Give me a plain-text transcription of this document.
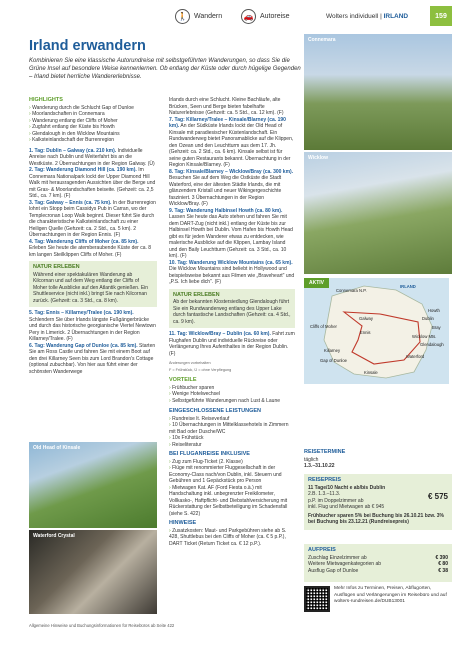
🚶 Wandern	🚗 Autoreise	Wolters individuell | IRLAND	159
Irland erwandern
Kombinieren Sie eine klassische Autorundreise mit selbstgeführten Wanderungen, so dass Sie die Grüne Insel auf besondere Weise kennenlernen. Ob entlang der Küste oder durch hügelige Gegenden – Irland bietet herrliche Wandererlebnisse.
HIGHLIGHTS
› Wanderung durch die Schlucht Gap of Dunloe
› Moorlandschaften in Connemara
› Wanderung entlang der Cliffs of Moher
› Zugfahrt entlang der Küste bis Howth
› Glendalough in den Wicklow Mountains
› Kalksteinlandschaft der Burrenregion

1. Tag: Dublin – Galway (ca. 210 km). Individuelle Anreise nach Dublin und Weiterfahrt bis an die Westküste. 2 Übernachtungen in der Region Galway. (Ü)

2. Tag: Wanderung Diamond Hill (ca. 190 km). Im Connemara Nationalpark lockt der Upper Diamond Hill Walk mit herausragenden Aussichten über die Berge und mit Gras- & Moorlandschaften beiseite. (Gehzeit: ca. 2,5 Std., ca. 7 km). (F)

3. Tag: Galway – Ennis (ca. 75 km). In der Burrenregion lohnt ein Stopp beim Cassidys Pub in Carran, wo der Templecronan Loop Walk beginnt. Dieser führt Sie durch die charakteristische Kalksteinlandschaft zu einer Heiligen Quelle (Gehzeit: ca. 2 Std., ca. 5 km). 2 Übernachtungen in der Region Ennis. (F)

4. Tag: Wanderung Cliffs of Moher (ca. 85 km). Erleben Sie heute die atemberaubende Küste der ca. 8 km langen Steilklippen Cliffs of Moher. (F)

NATUR ERLEBEN
Während einer spektakulären Wanderung ab Kilcornan und auf dem Weg entlang der Cliffs of Moher tolle Ausblicke auf den Atlantik genießen. Ein Shuttleservice (nicht inkl.) bringt Sie nach Kilcornan zurück. (Gehzeit: ca. 3 Std., ca. 8 km).

5. Tag: Ennis – Killarney/Tralee (ca. 190 km). Schlendern Sie über Irlands längste Fußgängerbrücke und durch das historische georgianische Viertel Newtown Pery in Limerick. 2 Übernachtungen in der Region Killarney/Tralee. (F)

6. Tag: Wanderung Gap of Dunloe (ca. 85 km). Starten Sie am Ross Castle und fahren Sie mit einem Boot auf den drei Killarney Seen bis zum Lord Brandon's Cottage (optional zubuchbar). Von hier aus führt einer der schönsten Wanderwege

Irlands durch eine Schlucht. Kleine Bachläufe, alte Brücken, Seen und Berge bieten fabelhafte Naturerlebnisse (Gehzeit: ca. 5 Std., ca. 12 km). (F)

7. Tag: Killarney/Tralee – Kinsale/Blarney (ca. 190 km). An der Südküste Irlands lockt der Old Head of Kinsale mit paradiesischer Küstenlandschaft. Ein Rundwanderweg bietet Panoramablicke auf die Klippen, den Ozean und den Leuchtturm aus dem 17. Jh. (Gehzeit: ca. 2 Std., ca. 6 km). Kinsale selbst ist für seine guten Restaurants bekannt. Übernachtung in der Region Kinsale/Blarney. (F)

8. Tag: Kinsale/Blarney – Wicklow/Bray (ca. 300 km). Besuchen Sie auf dem Weg die Ostküste die Stadt Waterford, eine der ältesten Städte Irlands, die mit glänzendem Kristall und neuer Wikingergeschichte fasziniert. 3 Übernachtungen in der Region Wicklow/Bray. (F)

9. Tag: Wanderung Halbinsel Howth (ca. 80 km). Lassen Sie heute das Auto stehen und fahren Sie mit dem DART-Zug (nicht inkl.) entlang der Küste bis zur Halbinsel Howth bei Dublin. Vom Hafen bis Howth Head gibt es für jeden Wanderer etwas zu entdecken, wie malerische Ausblicke auf die Klippen, Lambay Island und den Baily Leuchtturm (Gehzeit: ca. 3 Std., ca. 10 km). (F)

10. Tag: Wanderung Wicklow Mountains (ca. 65 km). Die Wicklow Mountains sind beliebt in Hollywood und beispielsweise bekannt aus Filmen wie „Braveheart" und „P.S. Ich liebe dich". (F)

NATUR ERLEBEN
Ab der bekannten Klostersiedlung Glendalough führt Sie ein Rundwanderweg entlang des Upper Lake durch fantastische Landschaften (Gehzeit: ca. 4 Std., ca. 9 km).

11. Tag: Wicklow/Bray – Dublin (ca. 60 km). Fahrt zum Flughafen Dublin und individuelle Rückreise oder Verlängerung Ihres Aufenthaltes in der Region Dublin. (F)

Änderungen vorbehalten
F = Frühstück, Ü = ohne Verpflegung
VORTEILE
› Frühbucher sparen
› Wenige Hotelwechsel
› Selbstgeführte Wanderungen nach Lust & Laune
EINGESCHLOSSENE LEISTUNGEN
› Rundreise lt. Reiseverlauf
› 10 Übernachtungen in Mittelklassehotels in Zimmern mit Bad oder Dusche/WC
› 10x Frühstück
› Reiseliteratur
BEI FLUGANREISE INKLUSIVE
› Zug zum Flug-Ticket (2. Klasse)
› Flüge mit renommierter Fluggesellschaft in der Economy-Class nach/von Dublin, inkl. Steuern und Gebühren und 1 Gepäckstück pro Person
› Mietwagen Kat. AF (Ford Fiesta o.ä.) mit Handschaltung inkl. unbegrenzter Freikilometer, Vollkasko-, Haftpflicht- und Diebstahlversicherung mit Rückerstattung der Selbstbeteiligung im Schadensfall (siehe S. 422)
HINWEISE
› Zusatzkosten: Maut- und Parkgebühren siehe ab S. 428, Shuttlebus bei den Cliffs of Moher (ca. € 5 p.P.), DART Ticket (Return Ticket ca. € 12 p.P.).
Old Head of Kinsale
Waterford Crystal
Connemara
Wicklow
AKTIV
Connemara N.P.
IRLAND
Galway	Dublin
Ennis
Howth
Cliffs of Moher
Wicklow Mts.
Bray
Killarney
Gap of Dunloe
Kinsale
Waterford
Glendalough
REISETERMINE
täglich
1.3.–31.10.22
REISEPREIS
11 Tage/10 Nacht e ab/bis Dublin
2.B. 1.3.–11.3.
p.P. im Doppelzimmer ab	€ 575
inkl. Flug und Mietwagen ab € 945
Frühbucher sparen 5% bei Buchung bis 26.10.21 bzw. 3% bei Buchung bis 23.12.21 (Rundreisepreis)
AUFPREIS
Zuschlag Einzelzimmer ab	€ 390
Weitere Mietwagenkategorien ab	€ 80
Ausflug Gap of Dunloe	€ 38
Mehr Infos zu Terminen, Preisen, Abflugorten, Ausflügen und Verlängerungen im Reisebüro und auf wolters-rundreisen.de/DUB13001
Allgemeine Hinweise und Buchungsinformationen für Reisebüros ab Seite 422
